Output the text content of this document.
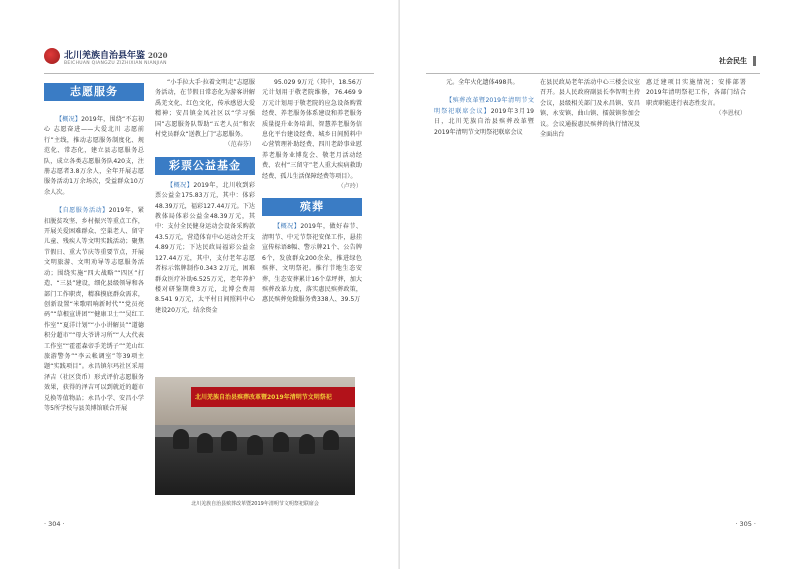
北川羌族自治县年鉴 2020
BEICHUAN QIANGZU ZIZHIXIAN NIANJIAN
志愿服务

【概况】2019年，围绕“不忘初心 志愿奋进——大爱北川 志愿前行”主线，推动志愿服务制度化、规范化、常态化，建立县志愿服务总队，成立各类志愿服务队420支，注册志愿者3.8万余人，全年开展志愿服务活动1万余场次，受益群众10万余人次。

【自愿服务活动】2019年，紧扣脱贫攻坚、乡村振兴等重点工作，开展关爱困难群众、空巢老人、留守儿童、残疾人等文明实践活动；聚焦节假日、重大节庆等重要节点，开展文明旅游、文明劝导等志愿服务活动；围绕实施“四大战略”“四区”打造、“三县”建设，细化县级领导和各部门工作职责，精准摸底群众需求，创新设置“米歌唱响新时代”“党员亮码”“草根宣讲团”“健康卫士”“吴红工作室”“夏洋计划”“小小讲解员”“道德积分超市”“母大爷讲习所”“人大代表工作室”“霍霍森帝手羌绣子”“羌山红旅游警务”“李云帐调室”等39项主题“实践项目”。永昌镇尔玛社区采用泽吉（社区货币）形式评价志愿服务效果，获得的泽吉可以到就近的超市兑换等值物品；永昌小学、安昌小学等5所学校与县美博馆联合开展

“小手拉大手·拉着文明走”志愿服务活动，在节假日常态化为游客讲解禹羌文化、红色文化，传承感恩大爱精神；安昌镇金凤社区以“学习强国”志愿服务队帮助“五老人员”和农村党员群众“送教上门”志愿服务。

（范春芬）
彩票公益基金

【概况】2019年，北川收到彩票公益金175.83万元，其中：体彩48.39万元，福彩127.44万元。下达教体局体彩公益金48.39万元，其中：支付全民健身运动会设备采购款43.5万元，营造体育中心运动会开支4.89万元；下达民政局福彩公益金127.44万元，其中，支付老年志愿者标示铭牌制作0.343 2万元，困难群众医疗补助6.525万元，老年养护楼对研鉴期费3万元，北博会费用8.541 9万元，太平村日间照料中心建设20万元，结余资金

95.029 9万元（其中，18.56万元计划用于敬老院维修，76.469 9万元计划用于敬老院的应急设备购置经费、养老服务体系建设和养老服务质量提升业务培训、智慧养老服务信息化平台建设经费、城乡日间照料中心营管理补助经费、四川老龄事业慰养老服务业博览会、敬老月活动经费、农村“三留守”老人重大疾病救助经费、孤儿生活保障经费等项目）。

（卢玲）
殡葬

【概况】2019年，做好春节、清明节、中元节祭祀安保工作，悬挂宣传标语8幅、警示牌21个、公告牌6个，发放群众200余朵，推进绿色殡葬、文明祭祀。推行节地生态安葬，生态安葬累计16个草坪葬，加大殡葬改革力度，落实惠民殡葬政策，惠民殡葬免除服务费338人、39.5万

北川羌族自治县殡葬改革暨2019年清明节文明祭祀
北川羌族自治县殡葬改革暨2019年清明节文明祭祀联席会
· 304 ·
社会民生

元。全年火化遗体498具。

【殡葬改革暨2019年清明节文明祭祀联席会议】2019年3月19日，北川羌族自治县殡葬改革暨2019年清明节文明祭祀联席会议

在县民政局老年活动中心三楼会议室召开。县人民政府副县长李智明主持会议，县级相关部门及永昌镇、安昌镇、永安镇、曲山镇、擂鼓镇参加会议。会议通报惠民殡葬的执行情况及全面出台

惠迁建项目实施情况；安排部署2019年清明祭祀工作，各部门结合职责职能进行表态性发言。

（李恩权）
· 305 ·
